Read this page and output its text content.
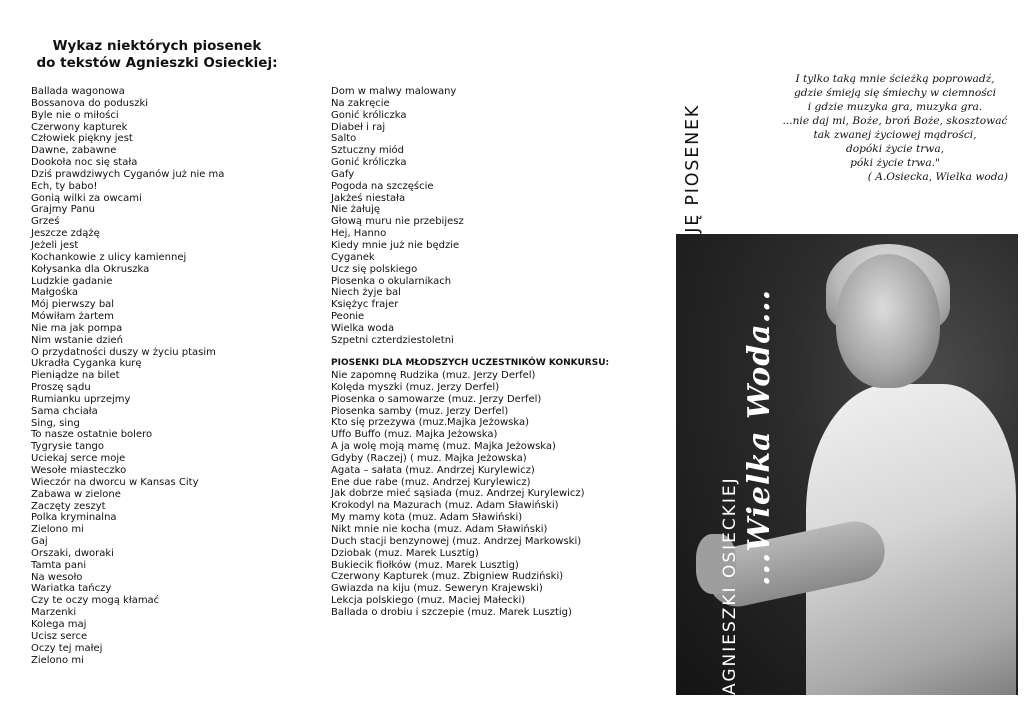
Wykaz niektórych piosenek
do tekstów Agnieszki Osieckiej:
Ballada wagonowa
Bossanova do poduszki
Byle nie o miłości
Czerwony kapturek
Człowiek piękny jest
Dawne, zabawne
Dookoła noc się stała
Dziś prawdziwych Cyganów już nie ma
Ech, ty babo!
Gonią wilki za owcami
Grajmy Panu
Grześ
Jeszcze zdążę
Jeżeli jest
Kochankowie z ulicy kamiennej
Kołysanka dla Okruszka
Ludzkie gadanie
Małgośka
Mój pierwszy bal
Mówiłam żartem
Nie ma jak pompa
Nim wstanie dzień
O przydatności duszy w życiu ptasim
Ukradła Cyganka kurę
Pieniądze na bilet
Proszę sądu
Rumianku uprzejmy
Sama chciała
Sing, sing
To nasze ostatnie bolero
Tygrysie tango
Uciekaj serce moje
Wesołe miasteczko
Wieczór na dworcu w Kansas City
Zabawa w zielone
Zaczęty zeszyt
Polka kryminalna
Zielono mi
Gaj
Orszaki, dworaki
Tamta pani
Na wesoło
Wariatka tańczy
Czy te oczy mogą kłamać
Marzenki
Kolega maj
Ucisz serce
Oczy tej małej
Zielono mi
Dom w malwy malowany
Na zakręcie
Gonić króliczka
Diabeł i raj
Salto
Sztuczny miód
Gonić króliczka
Gafy
Pogoda na szczęście
Jakżeś niestała
Nie żałuję
Głową muru nie przebijesz
Hej, Hanno
Kiedy mnie już nie będzie
Cyganek
Ucz się polskiego
Piosenka o okularnikach
Niech żyje bal
Księżyc frajer
Peonie
Wielka woda
Szpetni czterdziestoletni
PIOSENKI DLA MŁODSZYCH UCZESTNIKÓW KONKURSU:
Nie zapomnę Rudzika (muz. Jerzy Derfel)
Kolęda myszki (muz. Jerzy Derfel)
Piosenka o samowarze (muz. Jerzy Derfel)
Piosenka samby (muz. Jerzy Derfel)
Kto się przezywa (muz.Majka Jeżowska)
Uffo Buffo (muz. Majka Jeżowska)
A ja wolę moją mamę (muz. Majka Jeżowska)
Gdyby (Raczej) ( muz. Majka Jeżowska)
Agata – sałata (muz. Andrzej Kurylewicz)
Ene due rabe (muz. Andrzej Kurylewicz)
Jak dobrze mieć sąsiada (muz. Andrzej Kurylewicz)
Krokodyl na Mazurach (muz. Adam Sławiński)
My mamy kota (muz. Adam Sławiński)
Nikt mnie nie kocha (muz. Adam Sławiński)
Duch stacji benzynowej (muz. Andrzej Markowski)
Dziobak (muz. Marek Lusztig)
Bukiecik fiołków (muz. Marek Lusztig)
Czerwony Kapturek (muz. Zbigniew Rudziński)
Gwiazda na kiju (muz. Seweryn Krajewski)
Lekcja polskiego (muz. Maciej Małecki)
Ballada o drobiu i szczepie (muz. Marek Lusztig)	AGNIESZKI OSIECKIEJ ...Wielka Woda...
I tylko taką mnie ścieżką poprowadź,
gdzie śmieją się śmiechy w ciemności
i gdzie muzyka gra, muzyka gra.
...nie daj mi, Boże, broń Boże, skosztować
tak zwanej życiowej mądrości,
dopóki życie trwa,
póki życie trwa."
( A.Osiecka, Wielka woda)
